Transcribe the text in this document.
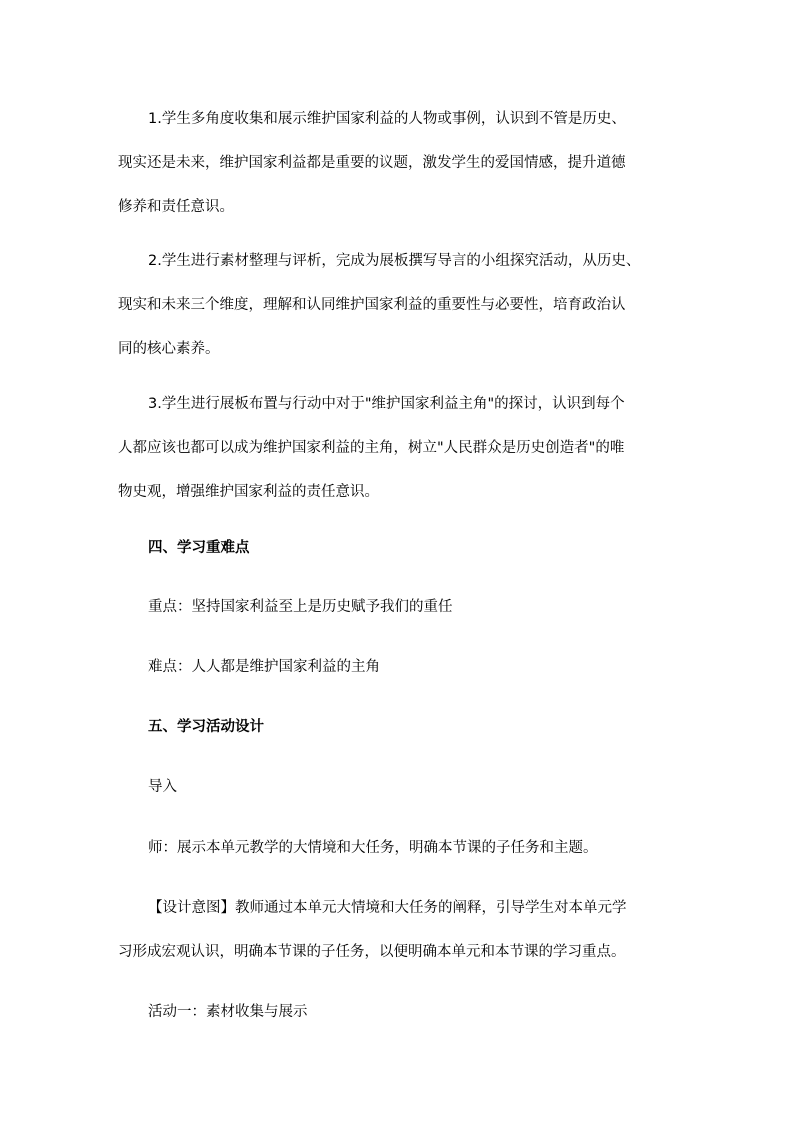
1.学生多角度收集和展示维护国家利益的人物或事例，认识到不管是历史、
现实还是未来，维护国家利益都是重要的议题，激发学生的爱国情感，提升道德
修养和责任意识。
2.学生进行素材整理与评析，完成为展板撰写导言的小组探究活动，从历史、
现实和未来三个维度，理解和认同维护国家利益的重要性与必要性，培育政治认
同的核心素养。
3.学生进行展板布置与行动中对于"维护国家利益主角"的探讨，认识到每个
人都应该也都可以成为维护国家利益的主角，树立"人民群众是历史创造者"的唯
物史观，增强维护国家利益的责任意识。

四、学习重难点

重点：坚持国家利益至上是历史赋予我们的重任

难点：人人都是维护国家利益的主角

五、学习活动设计

导入

师：展示本单元教学的大情境和大任务，明确本节课的子任务和主题。

【设计意图】教师通过本单元大情境和大任务的阐释，引导学生对本单元学
习形成宏观认识，明确本节课的子任务，以便明确本单元和本节课的学习重点。

活动一：素材收集与展示
